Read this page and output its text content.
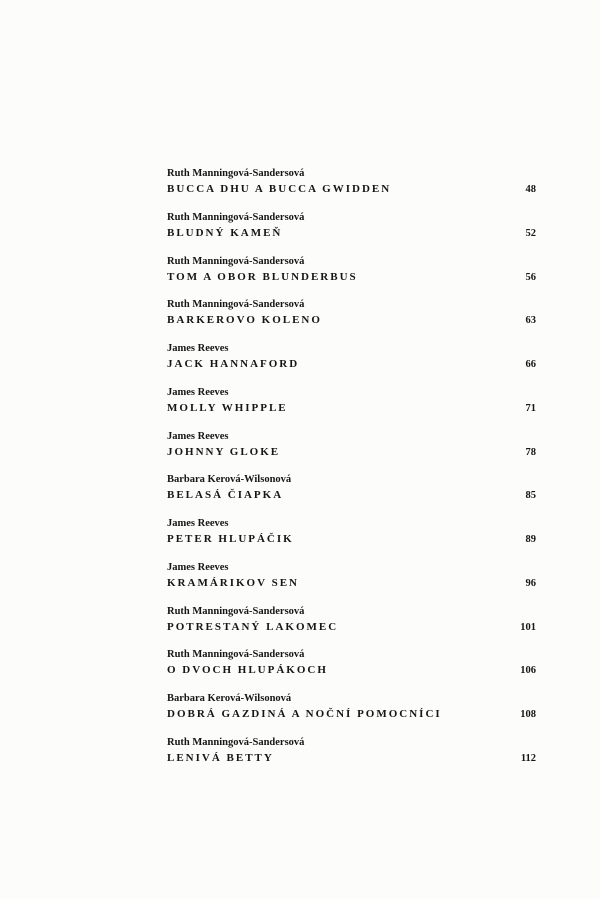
Ruth Manningová-Sandersová
BUCCA DHU A BUCCA GWIDDEN	48
Ruth Manningová-Sandersová
BLUDNÝ KAMEŇ	52
Ruth Manningová-Sandersová
TOM A OBOR BLUNDERBUS	56
Ruth Manningová-Sandersová
BARKEROVO KOLENO	63
James Reeves
JACK HANNAFORD	66
James Reeves
MOLLY WHIPPLE	71
James Reeves
JOHNNY GLOKE	78
Barbara Kerová-Wilsonová
BELASÁ ČIAPKA	85
James Reeves
PETER HLUPÁČIK	89
James Reeves
KRAMÁRIKOV SEN	96
Ruth Manningová-Sandersová
POTRESTANÝ LAKOMEC	101
Ruth Manningová-Sandersová
O DVOCH HLUPÁKOCH	106
Barbara Kerová-Wilsonová
DOBRÁ GAZDINÁ A NOČNÍ POMOCNÍCI	108
Ruth Manningová-Sandersová
LENIVÁ BETTY	112
